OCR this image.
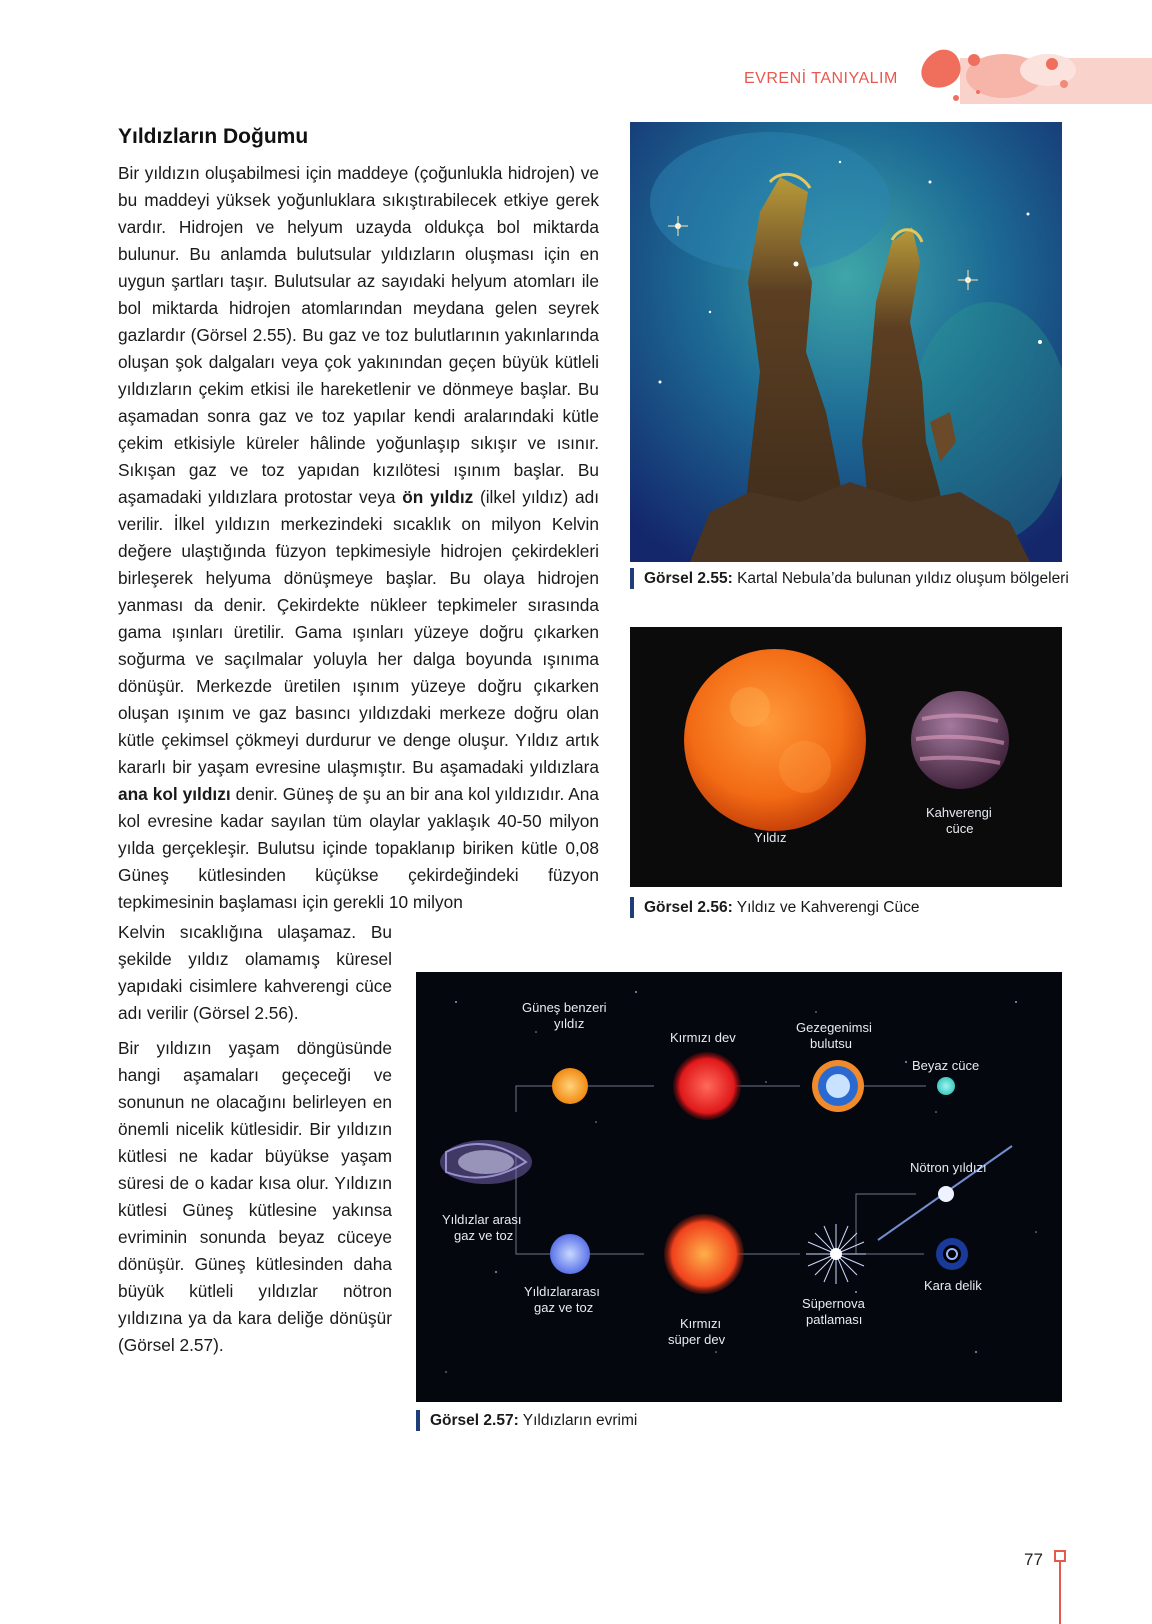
EVRENİ TANIYALIM
Yıldızların Doğumu
Bir yıldızın oluşabilmesi için maddeye (çoğunlukla hidrojen) ve bu maddeyi yüksek yoğunluklara sıkıştırabilecek etkiye gerek vardır. Hidrojen ve helyum uzayda oldukça bol miktarda bulunur. Bu anlamda bulutsular yıldızların oluşması için en uygun şartları taşır. Bulutsular az sayıdaki helyum atomları ile bol miktarda hidrojen atomlarından meydana gelen seyrek gazlardır (Görsel 2.55). Bu gaz ve toz bulutlarının yakınlarında oluşan şok dalgaları veya çok yakınından geçen büyük kütleli yıldızların çekim etkisi ile hareketlenir ve dönmeye başlar. Bu aşamadan sonra gaz ve toz yapılar kendi aralarındaki kütle çekim etkisiyle küreler hâlinde yoğunlaşıp sıkışır ve ısınır. Sıkışan gaz ve toz yapıdan kızılötesi ışınım başlar. Bu aşamadaki yıldızlara protostar veya ön yıldız (ilkel yıldız) adı verilir. İlkel yıldızın merkezindeki sıcaklık on milyon Kelvin değere ulaştığında füzyon tepkimesiyle hidrojen çekirdekleri birleşerek helyuma dönüşmeye başlar. Bu olaya hidrojen yanması da denir. Çekirdekte nükleer tepkimeler sırasında gama ışınları üretilir. Gama ışınları yüzeye doğru çıkarken soğurma ve saçılmalar yoluyla her dalga boyunda ışınıma dönüşür. Merkezde üretilen ışınım yüzeye doğru çıkarken oluşan ışınım ve gaz basıncı yıldızdaki merkeze doğru olan kütle çekimsel çökmeyi durdurur ve denge oluşur. Yıldız artık kararlı bir yaşam evresine ulaşmıştır. Bu aşamadaki yıldızlara ana kol yıldızı denir. Güneş de şu an bir ana kol yıldızıdır. Ana kol evresine kadar sayılan tüm olaylar yaklaşık 40-50 milyon yılda gerçekleşir. Bulutsu içinde topaklanıp biriken kütle 0,08 Güneş kütlesinden küçükse çekirdeğindeki füzyon tepkimesinin başlaması için gerekli 10 milyon
Kelvin sıcaklığına ulaşamaz. Bu şekilde yıldız olamamış küresel yapıdaki cisimlere kahverengi cüce adı verilir (Görsel 2.56).
Bir yıldızın yaşam döngüsünde hangi aşamaları geçeceği ve sonunun ne olacağını belirleyen en önemli nicelik kütlesidir. Bir yıldızın kütlesi ne kadar büyükse yaşam süresi de o kadar kısa olur. Yıldızın kütlesi Güneş kütlesine yakınsa evriminin sonunda beyaz cüceye dönüşür. Güneş kütlesinden daha büyük kütleli yıldızlar nötron yıldızına ya da kara deliğe dönüşür (Görsel 2.57).
Görsel 2.55: Kartal Nebula’da bulunan yıldız oluşum bölgeleri
Yıldız
Kahverengi
cüce
Görsel 2.56: Yıldız ve Kahverengi Cüce
Güneş benzeri
yıldız
Kırmızı dev
Gezegenimsi
bulutsu
Beyaz cüce
Yıldızlar arası
gaz ve toz
Yıldızlararası
gaz ve toz
Kırmızı
süper dev
Süpernova
patlaması
Nötron yıldızı
Kara delik
Görsel 2.57: Yıldızların evrimi
77
